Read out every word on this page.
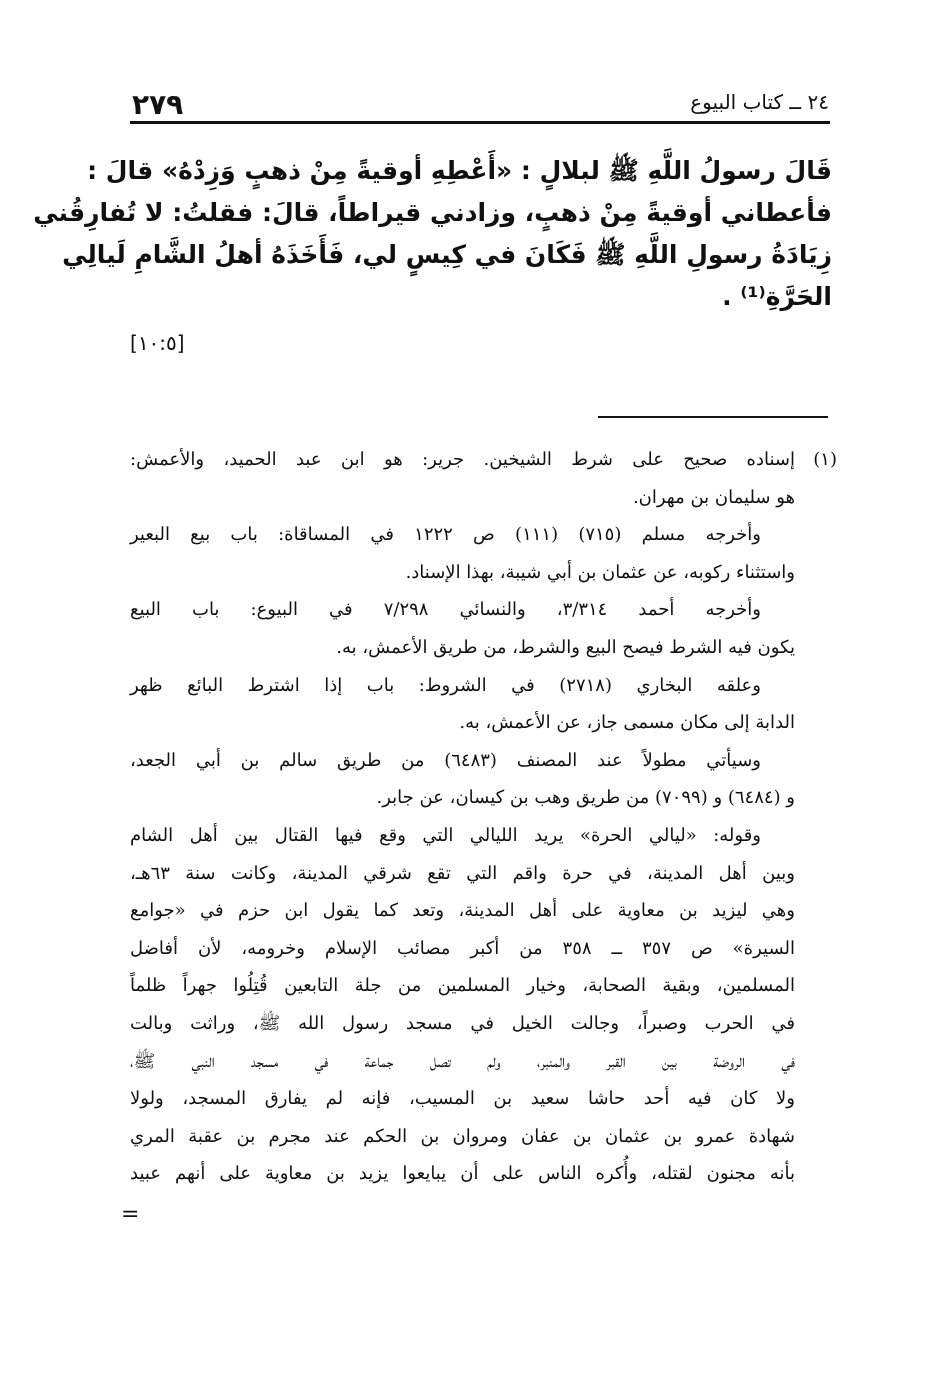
٢٧٩	٢٤ ــ كتاب البيوع
قَالَ رسولُ اللَّهِ ﷺ لبلالٍ : «أَعْطِهِ أوقيةً مِنْ ذهبٍ وَزِدْهُ» قالَ :
فأعطاني أوقيةً مِنْ ذهبٍ، وزادني قيراطاً، قالَ: فقلتُ: لا تُفارِقُني
زِيَادَةُ رسولِ اللَّهِ ﷺ فَكَانَ في كِيسٍ لي، فَأَخَذَهُ أهلُ الشَّامِ لَيالِي
الحَرَّةِ⁽¹⁾ .
[١٠:٥]
(١)
إسناده صحيح على شرط الشيخين. جرير: هو ابن عبد الحميد، والأعمش:
هو سليمان بن مهران.
وأخرجه مسلم (٧١٥) (١١١) ص ١٢٢٢ في المساقاة: باب بيع البعير
واستثناء ركوبه، عن عثمان بن أبي شيبة، بهذا الإسناد.
وأخرجه أحمد ٣/٣١٤، والنسائي ٧/٢٩٨ في البيوع: باب البيع
يكون فيه الشرط فيصح البيع والشرط، من طريق الأعمش، به.
وعلقه البخاري (٢٧١٨) في الشروط: باب إذا اشترط البائع ظهر
الدابة إلى مكان مسمى جاز، عن الأعمش، به.
وسيأتي مطولاً عند المصنف (٦٤٨٣) من طريق سالم بن أبي الجعد،
و (٦٤٨٤) و (٧٠٩٩) من طريق وهب بن كيسان، عن جابر.
وقوله: «ليالي الحرة» يريد الليالي التي وقع فيها القتال بين أهل الشام
وبين أهل المدينة، في حرة واقم التي تقع شرقي المدينة، وكانت سنة ٦٣هـ،
وهي ليزيد بن معاوية على أهل المدينة، وتعد كما يقول ابن حزم في «جوامع
السيرة» ص ٣٥٧ ــ ٣٥٨ من أكبر مصائب الإسلام وخرومه، لأن أفاضل
المسلمين، وبقية الصحابة، وخيار المسلمين من جلة التابعين قُتِلُوا جهراً ظلماً
في الحرب وصبراً، وجالت الخيل في مسجد رسول الله ﷺ، وراثت وبالت
في الروضة بين القبر والمنبر، ولم تصل جماعة في مسجد النبي ﷺ،
ولا كان فيه أحد حاشا سعيد بن المسيب، فإنه لم يفارق المسجد، ولولا
شهادة عمرو بن عثمان بن عفان ومروان بن الحكم عند مجرم بن عقبة المري
بأنه مجنون لقتله، وأُكره الناس على أن يبايعوا يزيد بن معاوية على أنهم عبيد
=
